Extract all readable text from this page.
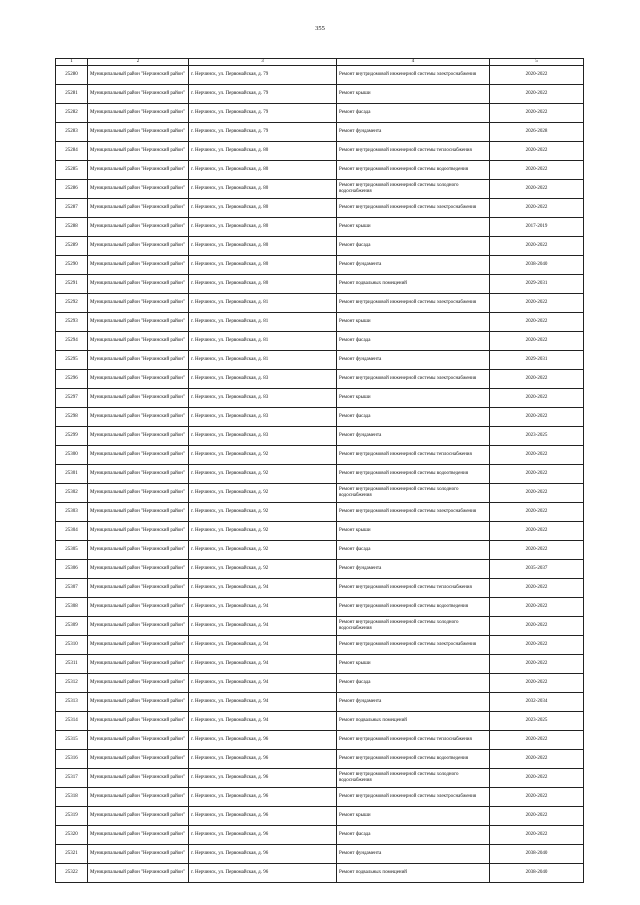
355
1	2	3	4	5
25280	Муниципальный район "Нерчинский район"	г. Нерчинск, ул. Первомайская, д. 79	Ремонт внутридомовой инженерной системы электроснабжения	2020-2022
25281	Муниципальный район "Нерчинский район"	г. Нерчинск, ул. Первомайская, д. 79	Ремонт крыши	2020-2022
25282	Муниципальный район "Нерчинский район"	г. Нерчинск, ул. Первомайская, д. 79	Ремонт фасада	2020-2022
25283	Муниципальный район "Нерчинский район"	г. Нерчинск, ул. Первомайская, д. 79	Ремонт фундамента	2026-2028
25284	Муниципальный район "Нерчинский район"	г. Нерчинск, ул. Первомайская, д. 80	Ремонт внутридомовой инженерной системы теплоснабжения	2020-2022
25285	Муниципальный район "Нерчинский район"	г. Нерчинск, ул. Первомайская, д. 80	Ремонт внутридомовой инженерной системы водоотведения	2020-2022
25286	Муниципальный район "Нерчинский район"	г. Нерчинск, ул. Первомайская, д. 80	Ремонт внутридомовой инженерной системы холодного водоснабжения	2020-2022
25287	Муниципальный район "Нерчинский район"	г. Нерчинск, ул. Первомайская, д. 80	Ремонт внутридомовой инженерной системы электроснабжения	2020-2022
25288	Муниципальный район "Нерчинский район"	г. Нерчинск, ул. Первомайская, д. 80	Ремонт крыши	2017-2019
25289	Муниципальный район "Нерчинский район"	г. Нерчинск, ул. Первомайская, д. 80	Ремонт фасада	2020-2022
25290	Муниципальный район "Нерчинский район"	г. Нерчинск, ул. Первомайская, д. 80	Ремонт фундамента	2038-2040
25291	Муниципальный район "Нерчинский район"	г. Нерчинск, ул. Первомайская, д. 80	Ремонт подвальных помещений	2029-2031
25292	Муниципальный район "Нерчинский район"	г. Нерчинск, ул. Первомайская, д. 81	Ремонт внутридомовой инженерной системы электроснабжения	2020-2022
25293	Муниципальный район "Нерчинский район"	г. Нерчинск, ул. Первомайская, д. 81	Ремонт крыши	2020-2022
25294	Муниципальный район "Нерчинский район"	г. Нерчинск, ул. Первомайская, д. 81	Ремонт фасада	2020-2022
25295	Муниципальный район "Нерчинский район"	г. Нерчинск, ул. Первомайская, д. 81	Ремонт фундамента	2029-2031
25296	Муниципальный район "Нерчинский район"	г. Нерчинск, ул. Первомайская, д. 83	Ремонт внутридомовой инженерной системы электроснабжения	2020-2022
25297	Муниципальный район "Нерчинский район"	г. Нерчинск, ул. Первомайская, д. 83	Ремонт крыши	2020-2022
25298	Муниципальный район "Нерчинский район"	г. Нерчинск, ул. Первомайская, д. 83	Ремонт фасада	2020-2022
25299	Муниципальный район "Нерчинский район"	г. Нерчинск, ул. Первомайская, д. 83	Ремонт фундамента	2023-2025
25300	Муниципальный район "Нерчинский район"	г. Нерчинск, ул. Первомайская, д. 92	Ремонт внутридомовой инженерной системы теплоснабжения	2020-2022
25301	Муниципальный район "Нерчинский район"	г. Нерчинск, ул. Первомайская, д. 92	Ремонт внутридомовой инженерной системы водоотведения	2020-2022
25302	Муниципальный район "Нерчинский район"	г. Нерчинск, ул. Первомайская, д. 92	Ремонт внутридомовой инженерной системы холодного водоснабжения	2020-2022
25303	Муниципальный район "Нерчинский район"	г. Нерчинск, ул. Первомайская, д. 92	Ремонт внутридомовой инженерной системы электроснабжения	2020-2022
25304	Муниципальный район "Нерчинский район"	г. Нерчинск, ул. Первомайская, д. 92	Ремонт крыши	2020-2022
25305	Муниципальный район "Нерчинский район"	г. Нерчинск, ул. Первомайская, д. 92	Ремонт фасада	2020-2022
25306	Муниципальный район "Нерчинский район"	г. Нерчинск, ул. Первомайская, д. 92	Ремонт фундамента	2035-2037
25307	Муниципальный район "Нерчинский район"	г. Нерчинск, ул. Первомайская, д. 94	Ремонт внутридомовой инженерной системы теплоснабжения	2020-2022
25308	Муниципальный район "Нерчинский район"	г. Нерчинск, ул. Первомайская, д. 94	Ремонт внутридомовой инженерной системы водоотведения	2020-2022
25309	Муниципальный район "Нерчинский район"	г. Нерчинск, ул. Первомайская, д. 94	Ремонт внутридомовой инженерной системы холодного водоснабжения	2020-2022
25310	Муниципальный район "Нерчинский район"	г. Нерчинск, ул. Первомайская, д. 94	Ремонт внутридомовой инженерной системы электроснабжения	2020-2022
25311	Муниципальный район "Нерчинский район"	г. Нерчинск, ул. Первомайская, д. 94	Ремонт крыши	2020-2022
25312	Муниципальный район "Нерчинский район"	г. Нерчинск, ул. Первомайская, д. 94	Ремонт фасада	2020-2022
25313	Муниципальный район "Нерчинский район"	г. Нерчинск, ул. Первомайская, д. 94	Ремонт фундамента	2032-2034
25314	Муниципальный район "Нерчинский район"	г. Нерчинск, ул. Первомайская, д. 94	Ремонт подвальных помещений	2023-2025
25315	Муниципальный район "Нерчинский район"	г. Нерчинск, ул. Первомайская, д. 96	Ремонт внутридомовой инженерной системы теплоснабжения	2020-2022
25316	Муниципальный район "Нерчинский район"	г. Нерчинск, ул. Первомайская, д. 96	Ремонт внутридомовой инженерной системы водоотведения	2020-2022
25317	Муниципальный район "Нерчинский район"	г. Нерчинск, ул. Первомайская, д. 96	Ремонт внутридомовой инженерной системы холодного водоснабжения	2020-2022
25318	Муниципальный район "Нерчинский район"	г. Нерчинск, ул. Первомайская, д. 96	Ремонт внутридомовой инженерной системы электроснабжения	2020-2022
25319	Муниципальный район "Нерчинский район"	г. Нерчинск, ул. Первомайская, д. 96	Ремонт крыши	2020-2022
25320	Муниципальный район "Нерчинский район"	г. Нерчинск, ул. Первомайская, д. 96	Ремонт фасада	2020-2022
25321	Муниципальный район "Нерчинский район"	г. Нерчинск, ул. Первомайская, д. 96	Ремонт фундамента	2038-2040
25322	Муниципальный район "Нерчинский район"	г. Нерчинск, ул. Первомайская, д. 96	Ремонт подвальных помещений	2038-2040
